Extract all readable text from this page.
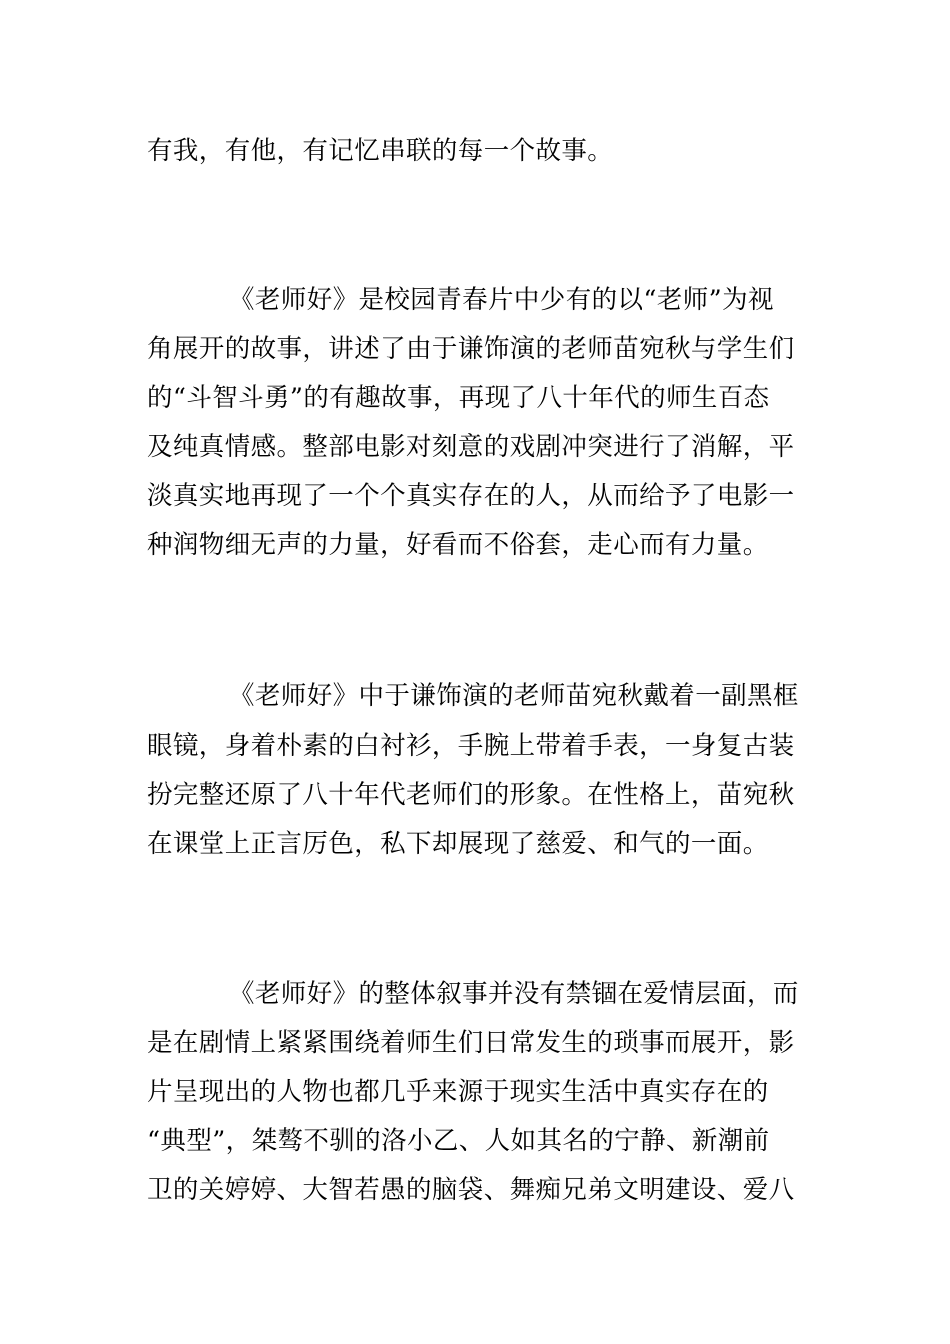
有我，有他，有记忆串联的每一个故事。
《老师好》是校园青春片中少有的以“老师”为视
角展开的故事，讲述了由于谦饰演的老师苗宛秋与学生们
的“斗智斗勇”的有趣故事，再现了八十年代的师生百态
及纯真情感。整部电影对刻意的戏剧冲突进行了消解，平
淡真实地再现了一个个真实存在的人，从而给予了电影一
种润物细无声的力量，好看而不俗套，走心而有力量。
《老师好》中于谦饰演的老师苗宛秋戴着一副黑框
眼镜，身着朴素的白衬衫，手腕上带着手表，一身复古装
扮完整还原了八十年代老师们的形象。在性格上，苗宛秋
在课堂上正言厉色，私下却展现了慈爱、和气的一面。
《老师好》的整体叙事并没有禁锢在爱情层面，而
是在剧情上紧紧围绕着师生们日常发生的琐事而展开，影
片呈现出的人物也都几乎来源于现实生活中真实存在的
“典型”，桀骜不驯的洛小乙、人如其名的宁静、新潮前
卫的关婷婷、大智若愚的脑袋、舞痴兄弟文明建设、爱八
